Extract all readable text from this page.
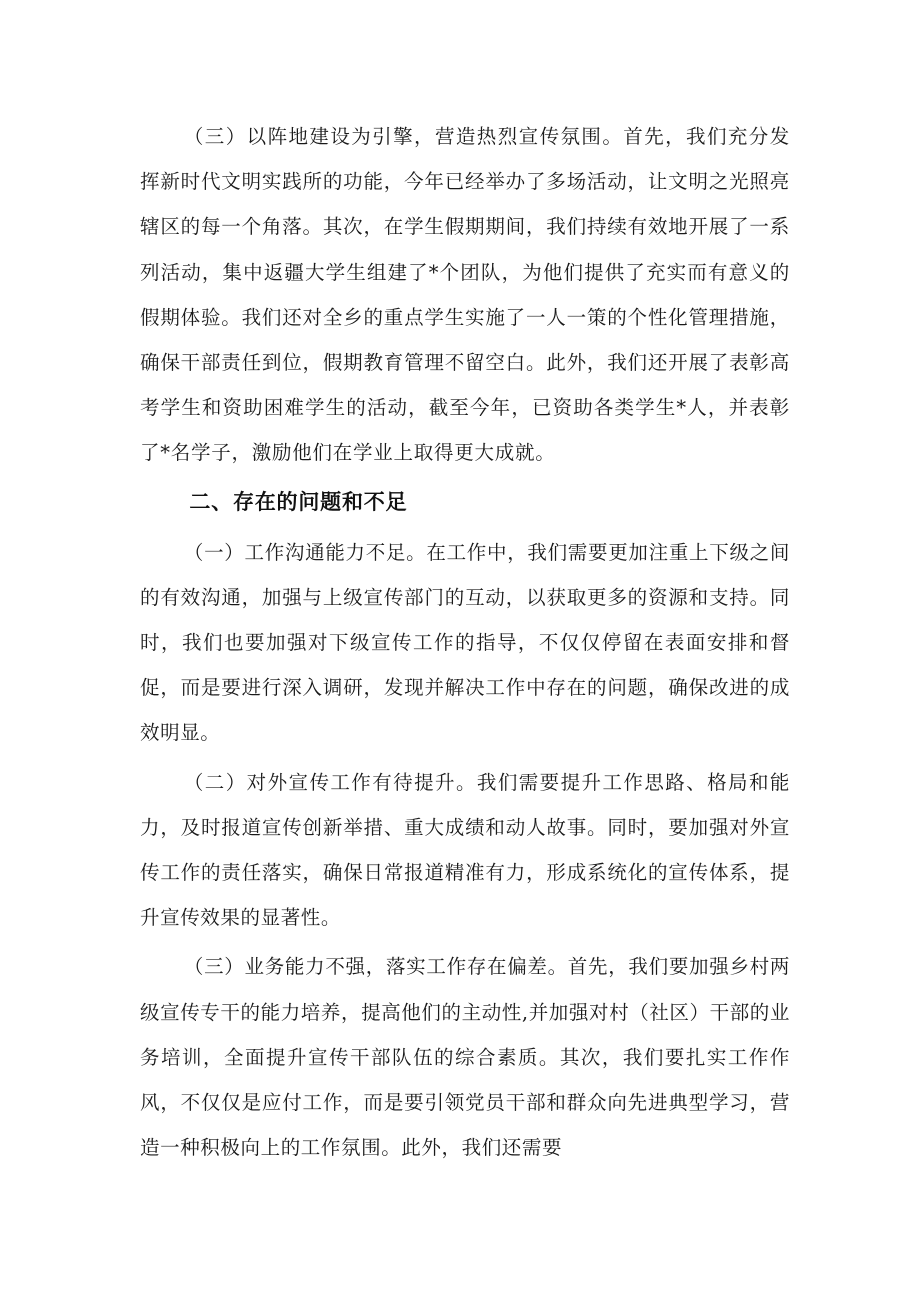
（三）以阵地建设为引擎，营造热烈宣传氛围。首先，我们充分发挥新时代文明实践所的功能，今年已经举办了多场活动，让文明之光照亮辖区的每一个角落。其次，在学生假期期间，我们持续有效地开展了一系列活动，集中返疆大学生组建了*个团队，为他们提供了充实而有意义的假期体验。我们还对全乡的重点学生实施了一人一策的个性化管理措施，确保干部责任到位，假期教育管理不留空白。此外，我们还开展了表彰高考学生和资助困难学生的活动，截至今年，已资助各类学生*人，并表彰了*名学子，激励他们在学业上取得更大成就。

二、存在的问题和不足

（一）工作沟通能力不足。在工作中，我们需要更加注重上下级之间的有效沟通，加强与上级宣传部门的互动，以获取更多的资源和支持。同时，我们也要加强对下级宣传工作的指导，不仅仅停留在表面安排和督促，而是要进行深入调研，发现并解决工作中存在的问题，确保改进的成效明显。

（二）对外宣传工作有待提升。我们需要提升工作思路、格局和能力，及时报道宣传创新举措、重大成绩和动人故事。同时，要加强对外宣传工作的责任落实，确保日常报道精准有力，形成系统化的宣传体系，提升宣传效果的显著性。

（三）业务能力不强，落实工作存在偏差。首先，我们要加强乡村两级宣传专干的能力培养，提高他们的主动性,并加强对村（社区）干部的业务培训，全面提升宣传干部队伍的综合素质。其次，我们要扎实工作作风，不仅仅是应付工作，而是要引领党员干部和群众向先进典型学习，营造一种积极向上的工作氛围。此外，我们还需要
